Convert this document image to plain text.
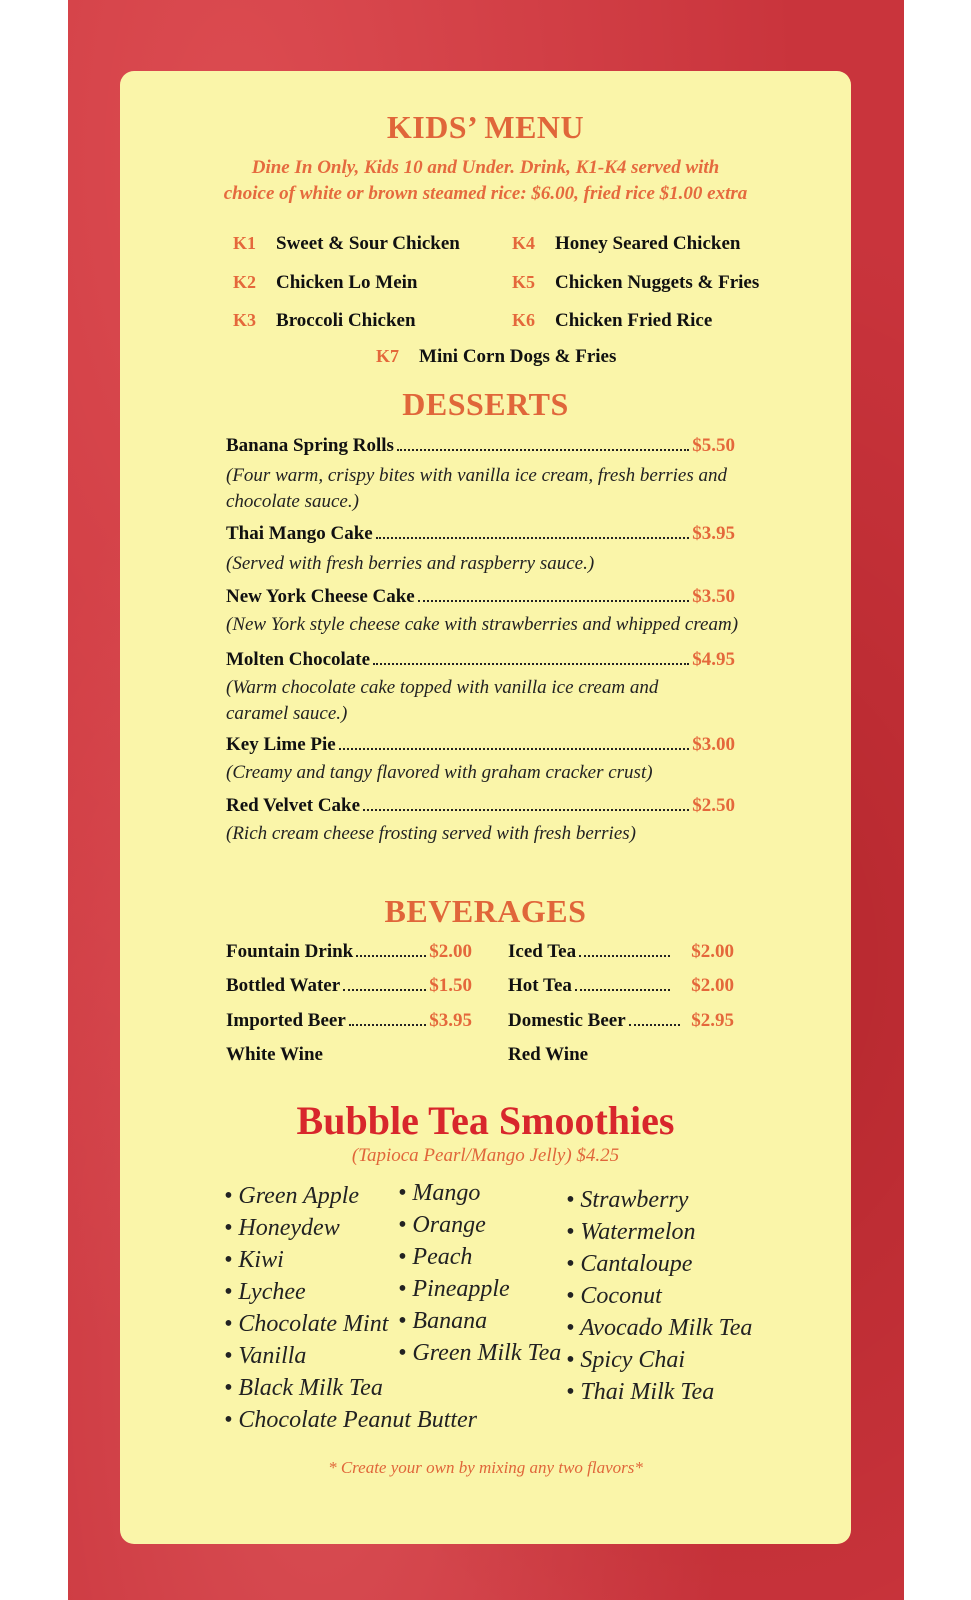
KIDS’ MENU
Dine In Only, Kids 10 and Under. Drink, K1-K4 served with
choice of white or brown steamed rice: $6.00, fried rice $1.00 extra
K1 Sweet & Sour Chicken
K2 Chicken Lo Mein
K3 Broccoli Chicken
K4 Honey Seared Chicken
K5 Chicken Nuggets & Fries
K6 Chicken Fried Rice
K7 Mini Corn Dogs & Fries
DESSERTS
Banana Spring Rolls	$5.50
(Four warm, crispy bites with vanilla ice cream, fresh berries and chocolate sauce.)
Thai Mango Cake	$3.95
(Served with fresh berries and raspberry sauce.)
New York Cheese Cake	$3.50
(New York style cheese cake with strawberries and whipped cream)
Molten Chocolate	$4.95
(Warm chocolate cake topped with vanilla ice cream and caramel sauce.)
Key Lime Pie	$3.00
(Creamy and tangy flavored with graham cracker crust)
Red Velvet Cake	$2.50
(Rich cream cheese frosting served with fresh berries)
BEVERAGES
Fountain Drink	$2.00
Bottled Water	$1.50
Imported Beer	$3.95
White Wine
Iced Tea	$2.00
Hot Tea	$2.00
Domestic Beer	$2.95
Red Wine
Bubble Tea Smoothies
(Tapioca Pearl/Mango Jelly) $4.25
• Green Apple
• Honeydew
• Kiwi
• Lychee
• Chocolate Mint
• Vanilla
• Black Milk Tea
• Chocolate Peanut Butter
• Mango
• Orange
• Peach
• Pineapple
• Banana
• Green Milk Tea
• Strawberry
• Watermelon
• Cantaloupe
• Coconut
• Avocado Milk Tea
• Spicy Chai
• Thai Milk Tea
* Create your own by mixing any two flavors*
